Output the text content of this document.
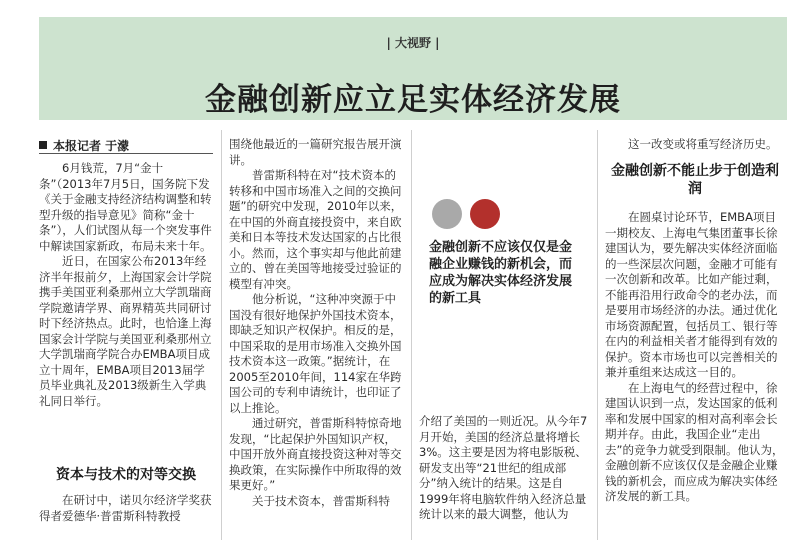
| 大视野 |
金融创新应立足实体经济发展
本报记者 于濛

6月钱荒，7月“金十条”（2013年7月5日，国务院下发《关于金融支持经济结构调整和转型升级的指导意见》简称“金十条”），人们试图从每一个突发事件中解读国家新政，布局未来十年。

近日，在国家公布2013年经济半年报前夕，上海国家会计学院携手美国亚利桑那州立大学凯瑞商学院邀请学界、商界精英共同研讨时下经济热点。此时，也恰逢上海国家会计学院与美国亚利桑那州立大学凯瑞商学院合办EMBA项目成立十周年，EMBA项目2013届学员毕业典礼及2013级新生入学典礼同日举行。

资本与技术的对等交换

在研讨中，诺贝尔经济学奖获得者爱德华·普雷斯科特教授

围绕他最近的一篇研究报告展开演讲。

普雷斯科特在对“技术资本的转移和中国市场准入之间的交换问题”的研究中发现，2010年以来，在中国的外商直接投资中，来自欧美和日本等技术发达国家的占比很小。然而，这个事实却与他此前建立的、曾在美国等地接受过验证的模型有冲突。

他分析说，“这种冲突源于中国没有很好地保护外国技术资本，即缺乏知识产权保护。相反的是，中国采取的是用市场准入交换外国技术资本这一政策。”据统计，在2005至2010年间，114家在华跨国公司的专利申请统计，也印证了以上推论。

通过研究，普雷斯科特惊奇地发现，“比起保护外国知识产权，中国开放外商直接投资这种对等交换政策，在实际操作中所取得的效果更好。”

关于技术资本，普雷斯科特

金融创新不应该仅仅是金融企业赚钱的新机会，而应成为解决实体经济发展的新工具

介绍了美国的一则近况。从今年7月开始，美国的经济总量将增长3%。这主要是因为将电影版税、研发支出等“21世纪的组成部分”纳入统计的结果。这是自1999年将电脑软件纳入经济总量统计以来的最大调整，他认为

这一改变或将重写经济历史。

金融创新不能止步于创造利润

在圆桌讨论环节，EMBA项目一期校友、上海电气集团董事长徐建国认为，要先解决实体经济面临的一些深层次问题，金融才可能有一次创新和改革。比如产能过剩，不能再沿用行政命令的老办法，而是要用市场经济的办法。通过优化市场资源配置，包括员工、银行等在内的利益相关者才能得到有效的保护。资本市场也可以完善相关的兼并重组来达成这一目的。

在上海电气的经营过程中，徐建国认识到一点，发达国家的低利率和发展中国家的相对高利率会长期并存。由此，我国企业“走出去”的竞争力就受到限制。他认为，金融创新不应该仅仅是金融企业赚钱的新机会，而应成为解决实体经济发展的新工具。
